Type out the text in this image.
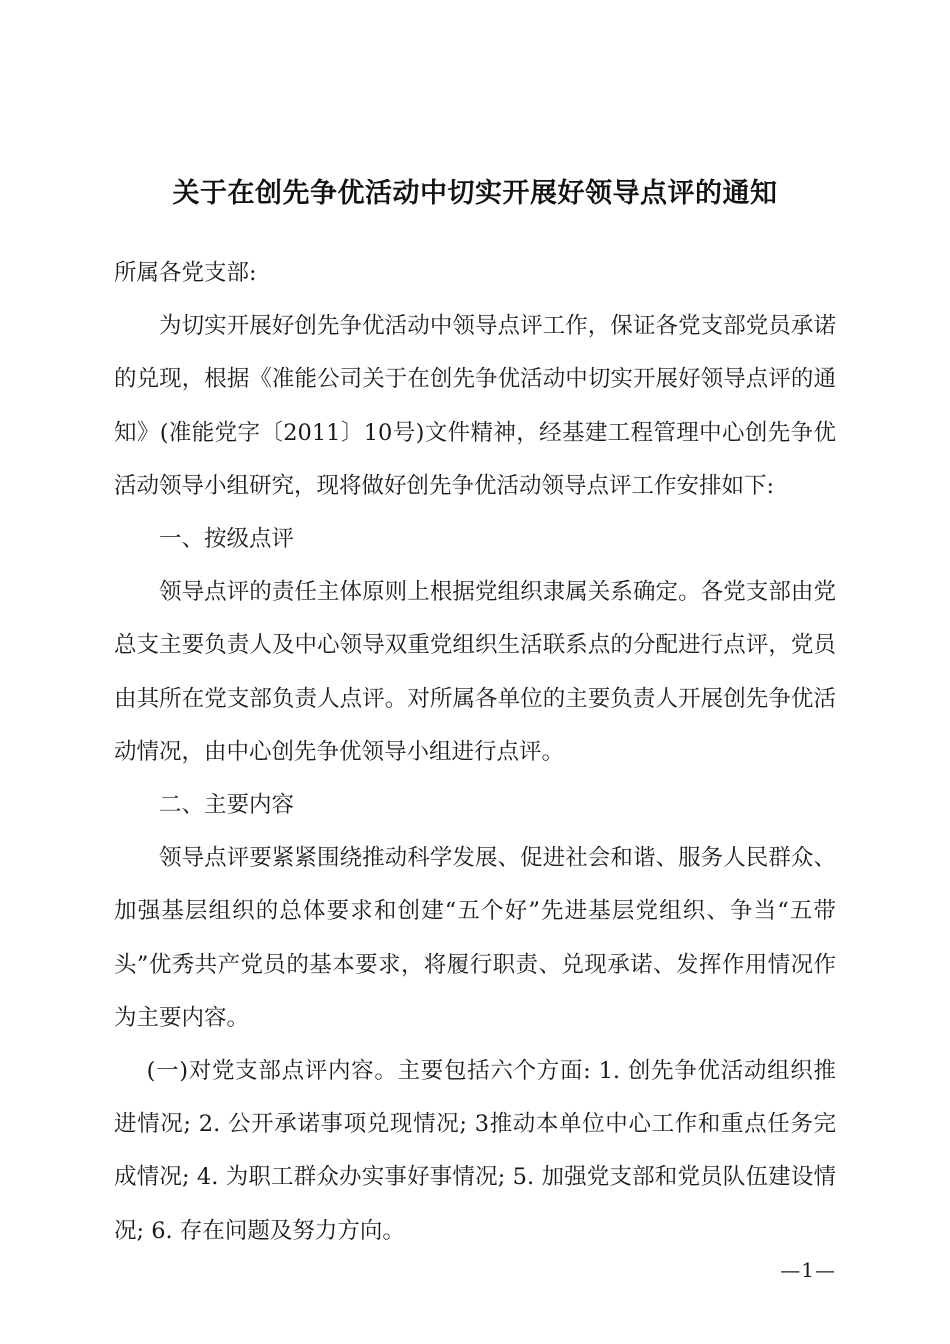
关于在创先争优活动中切实开展好领导点评的通知

所属各党支部:

为切实开展好创先争优活动中领导点评工作，保证各党支部党员承诺的兑现，根据《准能公司关于在创先争优活动中切实开展好领导点评的通知》(准能党字〔2011〕10号)文件精神，经基建工程管理中心创先争优活动领导小组研究，现将做好创先争优活动领导点评工作安排如下:

一、按级点评

领导点评的责任主体原则上根据党组织隶属关系确定。各党支部由党总支主要负责人及中心领导双重党组织生活联系点的分配进行点评，党员由其所在党支部负责人点评。对所属各单位的主要负责人开展创先争优活动情况，由中心创先争优领导小组进行点评。

二、主要内容

领导点评要紧紧围绕推动科学发展、促进社会和谐、服务人民群众、加强基层组织的总体要求和创建“五个好”先进基层党组织、争当“五带头”优秀共产党员的基本要求，将履行职责、兑现承诺、发挥作用情况作为主要内容。

(一)对党支部点评内容。主要包括六个方面: 1. 创先争优活动组织推进情况; 2. 公开承诺事项兑现情况; 3推动本单位中心工作和重点任务完成情况; 4. 为职工群众办实事好事情况; 5. 加强党支部和党员队伍建设情况; 6. 存在问题及努力方向。

—1—
